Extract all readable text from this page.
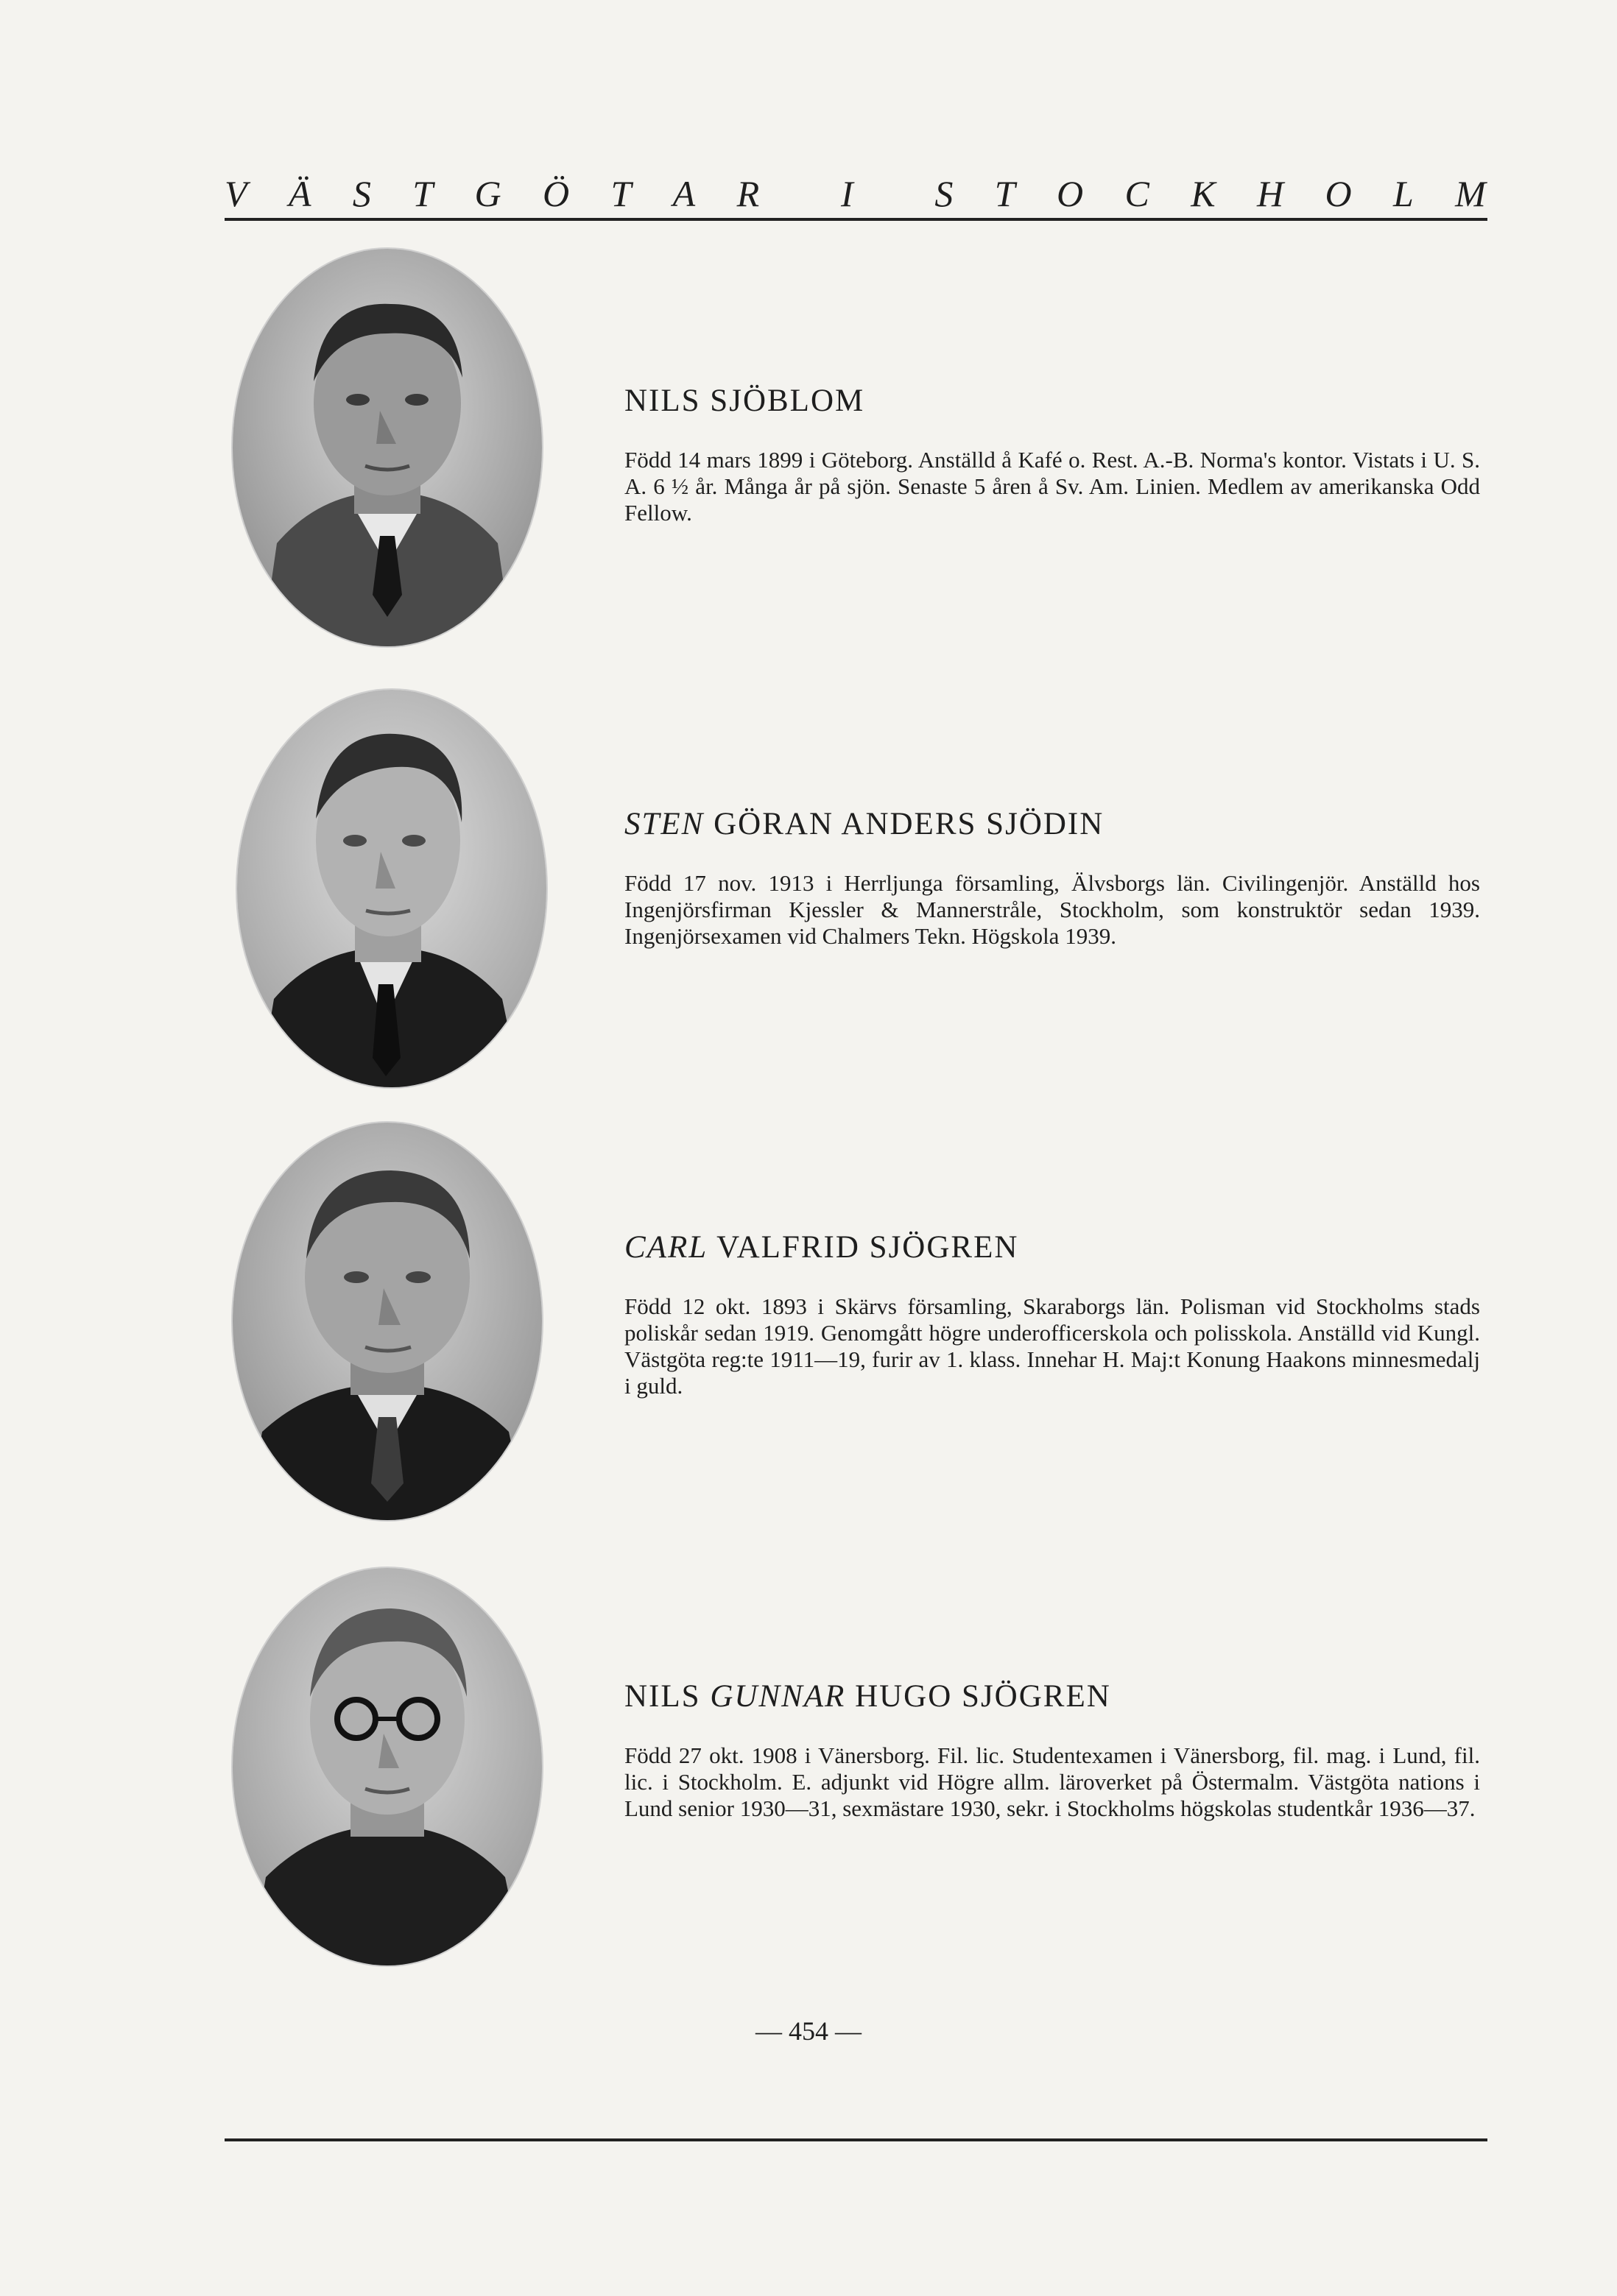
V Ä S T G Ö T A R I S T O C K H O L M
NILS SJÖBLOM

Född 14 mars 1899 i Göteborg. Anställd å Kafé o. Rest. A.-B. Norma's kontor. Vistats i U. S. A. 6 ½ år. Många år på sjön. Senaste 5 åren å Sv. Am. Linien. Medlem av amerikanska Odd Fellow.

STEN GÖRAN ANDERS SJÖDIN

Född 17 nov. 1913 i Herrljunga församling, Älvsborgs län. Civilingenjör. Anställd hos Ingenjörsfirman Kjessler & Mannerstråle, Stockholm, som konstruktör sedan 1939. Ingenjörsexamen vid Chalmers Tekn. Högskola 1939.

CARL VALFRID SJÖGREN

Född 12 okt. 1893 i Skärvs församling, Skaraborgs län. Polisman vid Stockholms stads poliskår sedan 1919. Genomgått högre underofficerskola och polisskola. Anställd vid Kungl. Västgöta reg:te 1911—19, furir av 1. klass. Innehar H. Maj:t Konung Haakons minnesmedalj i guld.

NILS GUNNAR HUGO SJÖGREN

Född 27 okt. 1908 i Vänersborg. Fil. lic. Studentexamen i Vänersborg, fil. mag. i Lund, fil. lic. i Stockholm. E. adjunkt vid Högre allm. läroverket på Östermalm. Västgöta nations i Lund senior 1930—31, sexmästare 1930, sekr. i Stockholms högskolas studentkår 1936—37.

— 454 —
